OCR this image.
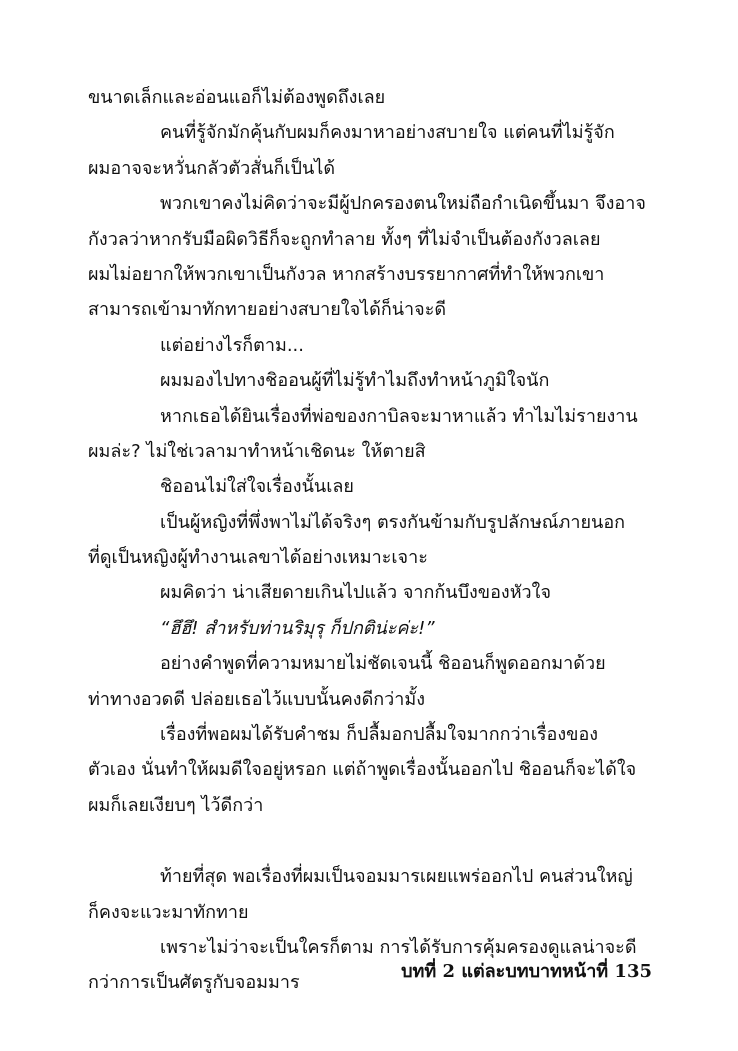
ขนาดเล็กและอ่อนแอก็ไม่ต้องพูดถึงเลย
คนที่รู้จักมักคุ้นกับผมก็คงมาหาอย่างสบายใจ แต่คนที่ไม่รู้จัก
ผมอาจจะหวั่นกลัวตัวสั่นก็เป็นได้
พวกเขาคงไม่คิดว่าจะมีผู้ปกครองตนใหม่ถือกำเนิดขึ้นมา จึงอาจ
กังวลว่าหากรับมือผิดวิธีก็จะถูกทำลาย ทั้งๆ ที่ไม่จำเป็นต้องกังวลเลย
ผมไม่อยากให้พวกเขาเป็นกังวล หากสร้างบรรยากาศที่ทำให้พวกเขา
สามารถเข้ามาทักทายอย่างสบายใจได้ก็น่าจะดี
แต่อย่างไรก็ตาม...
ผมมองไปทางชิออนผู้ที่ไม่รู้ทำไมถึงทำหน้าภูมิใจนัก
หากเธอได้ยินเรื่องที่พ่อของกาบิลจะมาหาแล้ว ทำไมไม่รายงาน
ผมล่ะ? ไม่ใช่เวลามาทำหน้าเชิดนะ ให้ตายสิ
ชิออนไม่ใส่ใจเรื่องนั้นเลย
เป็นผู้หญิงที่พึ่งพาไม่ได้จริงๆ ตรงกันข้ามกับรูปลักษณ์ภายนอก
ที่ดูเป็นหญิงผู้ทำงานเลขาได้อย่างเหมาะเจาะ
ผมคิดว่า น่าเสียดายเกินไปแล้ว จากก้นบึงของหัวใจ
“ฮึฮึ! สำหรับท่านริมุรุ ก็ปกติน่ะค่ะ!”
อย่างคำพูดที่ความหมายไม่ชัดเจนนี้ ชิออนก็พูดออกมาด้วย
ท่าทางอวดดี ปล่อยเธอไว้แบบนั้นคงดีกว่ามั้ง
เรื่องที่พอผมได้รับคำชม ก็ปลื้มอกปลื้มใจมากกว่าเรื่องของ
ตัวเอง นั่นทำให้ผมดีใจอยู่หรอก แต่ถ้าพูดเรื่องนั้นออกไป ชิออนก็จะได้ใจ
ผมก็เลยเงียบๆ ไว้ดีกว่า
ท้ายที่สุด พอเรื่องที่ผมเป็นจอมมารเผยแพร่ออกไป คนส่วนใหญ่
ก็คงจะแวะมาทักทาย
เพราะไม่ว่าจะเป็นใครก็ตาม การได้รับการคุ้มครองดูแลน่าจะดี
กว่าการเป็นศัตรูกับจอมมาร
บทที่ 2 แต่ละบทบาทหน้าที่ 135
